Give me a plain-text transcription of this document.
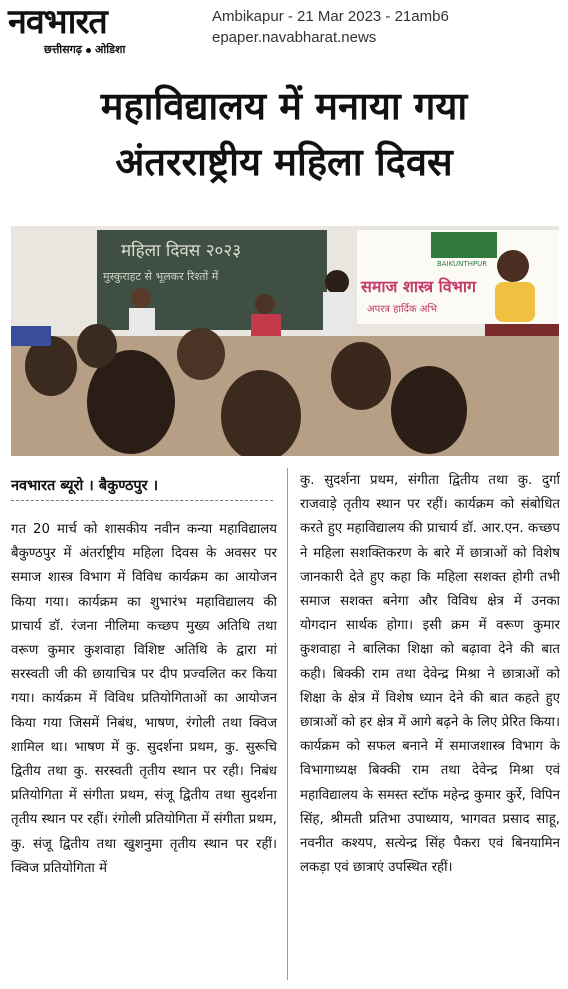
नवभारत
छत्तीसगढ़ ओडिशा
Ambikapur - 21 Mar 2023 - 21amb6
epaper.navabharat.news
महाविद्यालय में मनाया गया
अंतरराष्ट्रीय महिला दिवस
महिला दिवस २०२३
मुस्कुराहट से भूलकर रिश्तों में
BAIKUNTHPUR
समाज शास्त्र विभाग
अपरत्र हार्दिक अभि
नवभारत ब्यूरो । बैकुण्ठपुर ।
गत 20 मार्च को शासकीय नवीन कन्या महाविद्यालय बैकुण्ठपुर में अंतर्राष्ट्रीय महिला दिवस के अवसर पर समाज शास्त्र विभाग में विविध कार्यक्रम का आयोजन किया गया। कार्यक्रम का शुभारंभ महाविद्यालय की प्राचार्य डॉ. रंजना नीलिमा कच्छप मुख्य अतिथि तथा वरूण कुमार कुशवाहा विशिष्ट अतिथि के द्वारा मां सरस्वती जी की छायाचित्र पर दीप प्रज्वलित कर किया गया। कार्यक्रम में विविध प्रतियोगिताओं का आयोजन किया गया जिसमें निबंध, भाषण, रंगोली तथा क्विज शामिल था। भाषण में कु. सुदर्शना प्रथम, कु. सुरूचि द्वितीय तथा कु. सरस्वती तृतीय स्थान पर रही। निबंध प्रतियोगिता में संगीता प्रथम, संजू द्वितीय तथा सुदर्शना तृतीय स्थान पर रहीं। रंगोली प्रतियोगिता में संगीता प्रथम, कु. संजू द्वितीय तथा खुशनुमा तृतीय स्थान पर रहीं। क्विज प्रतियोगिता में
कु. सुदर्शना प्रथम, संगीता द्वितीय तथा कु. दुर्गा राजवाड़े तृतीय स्थान पर रहीं। कार्यक्रम को संबोधित करते हुए महाविद्यालय की प्राचार्य डॉ. आर.एन. कच्छप ने महिला सशक्तिकरण के बारे में छात्राओं को विशेष जानकारी देते हुए कहा कि महिला सशक्त होगी तभी समाज सशक्त बनेगा और विविध क्षेत्र में उनका योगदान सार्थक होगा। इसी क्रम में वरूण कुमार कुशवाहा ने बालिका शिक्षा को बढ़ावा देने की बात कही। बिक्की राम तथा देवेन्द्र मिश्रा ने छात्राओं को शिक्षा के क्षेत्र में विशेष ध्यान देने की बात कहते हुए छात्राओं को हर क्षेत्र में आगे बढ़ने के लिए प्रेरित किया। कार्यक्रम को सफल बनाने में समाजशास्त्र विभाग के विभागाध्यक्ष बिक्की राम तथा देवेन्द्र मिश्रा एवं महाविद्यालय के समस्त स्टॉफ महेन्द्र कुमार कुर्रे, विपिन सिंह, श्रीमती प्रतिभा उपाध्याय, भागवत प्रसाद साहू, नवनीत कश्यप, सत्येन्द्र सिंह पैकरा एवं बिनयामिन लकड़ा एवं छात्राएं उपस्थित रहीं।
